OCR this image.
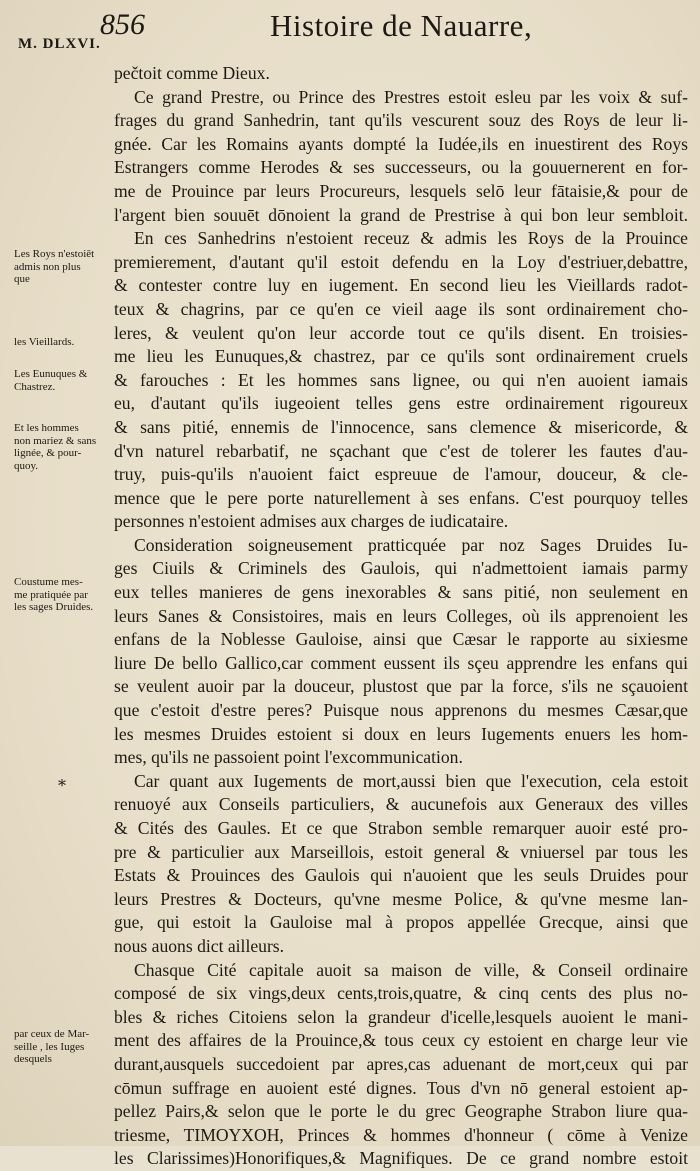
856	Histoire de Nauarre,
M. DLXVI.
Les Roys n'estoiēt
admis non plus
que
les Vieillards.
Les Eunuques &
Chastrez.
Et les hommes
non mariez & sans
lignée, & pour-
quoy.
Coustume mes-
me pratiquée par
les sages Druides.
*
par ceux de Mar-
seille , les Iuges
desquels
pečtoit comme Dieux.
Ce grand Prestre, ou Prince des Prestres estoit esleu par les voix & suf-
frages du grand Sanhedrin, tant qu'ils vescurent souz des Roys de leur li-
gnée. Car les Romains ayants dompté la Iudée,ils en inuestirent des Roys
Estrangers comme Herodes & ses successeurs, ou la gouuernerent en for-
me de Prouince par leurs Procureurs, lesquels selō leur fātaisie,& pour de
l'argent bien souuēt dōnoient la grand de Prestrise à qui bon leur sembloit.
En ces Sanhedrins n'estoient receuz & admis les Roys de la Prouince
premierement, d'autant qu'il estoit defendu en la Loy d'estriuer,debattre,
& contester contre luy en iugement. En second lieu les Vieillards radot-
teux & chagrins, par ce qu'en ce vieil aage ils sont ordinairement cho-
leres, & veulent qu'on leur accorde tout ce qu'ils disent. En troisies-
me lieu les Eunuques,& chastrez, par ce qu'ils sont ordinairement cruels
& farouches : Et les hommes sans lignee, ou qui n'en auoient iamais
eu, d'autant qu'ils iugeoient telles gens estre ordinairement rigoureux
& sans pitié, ennemis de l'innocence, sans clemence & misericorde, &
d'vn naturel rebarbatif, ne sçachant que c'est de tolerer les fautes d'au-
truy, puis-qu'ils n'auoient faict espreuue de l'amour, douceur, & cle-
mence que le pere porte naturellement à ses enfans. C'est pourquoy telles
personnes n'estoient admises aux charges de iudicataire.
Consideration soigneusement pratticquée par noz Sages Druides Iu-
ges Ciuils & Criminels des Gaulois, qui n'admettoient iamais parmy
eux telles manieres de gens inexorables & sans pitié, non seulement en
leurs Sanes & Consistoires, mais en leurs Colleges, où ils apprenoient les
enfans de la Noblesse Gauloise, ainsi que Cæsar le rapporte au sixiesme
liure De bello Gallico,car comment eussent ils sçeu apprendre les enfans qui
se veulent auoir par la douceur, plustost que par la force, s'ils ne sçauoient
que c'estoit d'estre peres? Puisque nous apprenons du mesmes Cæsar,que
les mesmes Druides estoient si doux en leurs Iugements enuers les hom-
mes, qu'ils ne passoient point l'excommunication.
Car quant aux Iugements de mort,aussi bien que l'execution, cela estoit
renuoyé aux Conseils particuliers, & aucunefois aux Generaux des villes
& Cités des Gaules. Et ce que Strabon semble remarquer auoir esté pro-
pre & particulier aux Marseillois, estoit general & vniuersel par tous les
Estats & Prouinces des Gaulois qui n'auoient que les seuls Druides pour
leurs Prestres & Docteurs, qu'vne mesme Police, & qu'vne mesme lan-
gue, qui estoit la Gauloise mal à propos appellée Grecque, ainsi que
nous auons dict ailleurs.
Chasque Cité capitale auoit sa maison de ville, & Conseil ordinaire
composé de six vings,deux cents,trois,quatre, & cinq cents des plus no-
bles & riches Citoiens selon la grandeur d'icelle,lesquels auoient le mani-
ment des affaires de la Prouince,& tous ceux cy estoient en charge leur vie
durant,ausquels succedoient par apres,cas aduenant de mort,ceux qui par
cōmun suffrage en auoient esté dignes. Tous d'vn nō general estoient ap-
pellez Pairs,& selon que le porte le du grec Geographe Strabon liure qua-
triesme, TIMOYXOH, Princes & hommes d'honneur ( cōme à Venize
les Clarissimes)Honorifiques,& Magnifiques. De ce grand nombre estoit
